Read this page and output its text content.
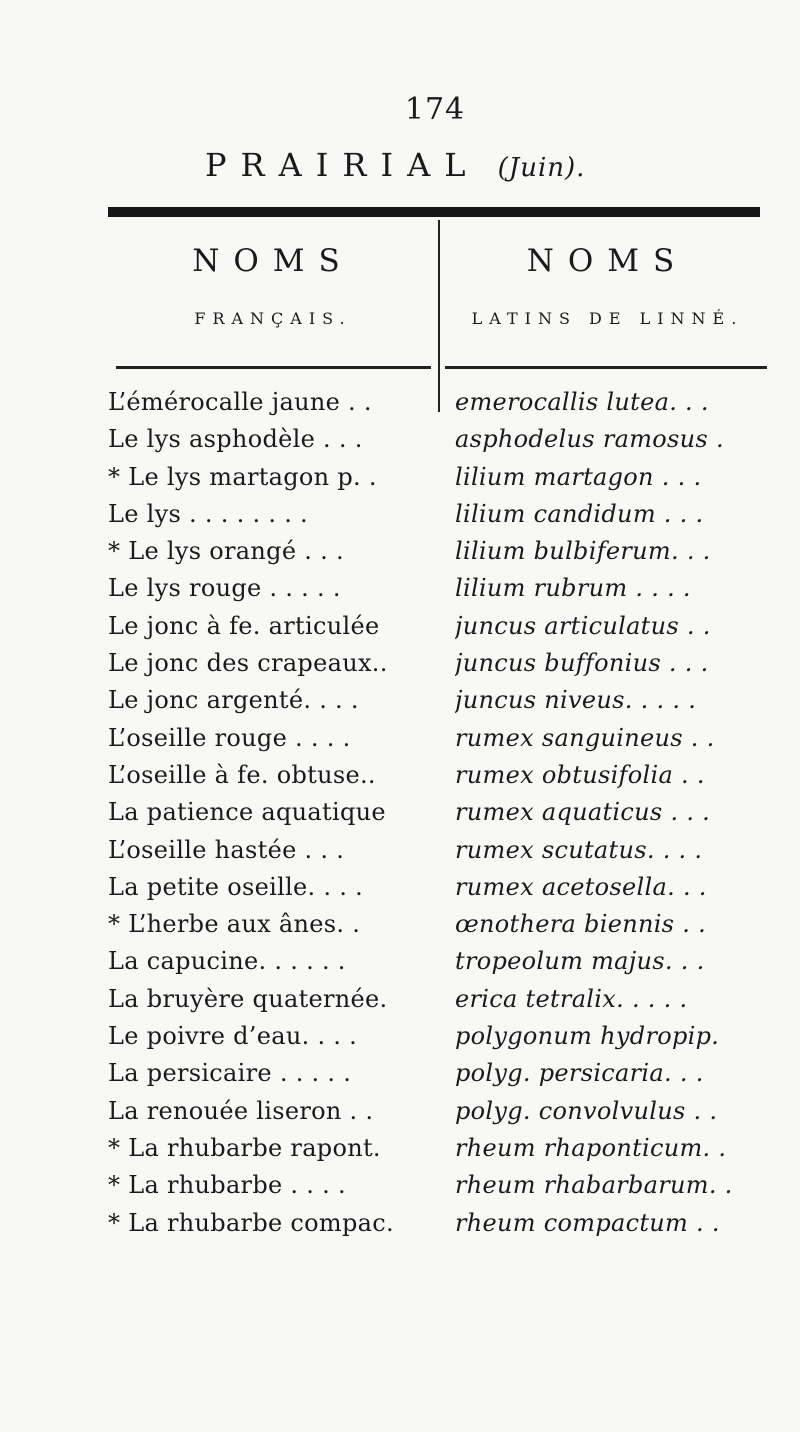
174
PRAIRIAL (Juin).
NOMS
FRANÇAIS.
NOMS
LATINS DE LINNÉ.
L’émérocalle jaune . .	emerocallis lutea. . .
Le lys asphodèle . . .	asphodelus ramosus .
* Le lys martagon p. .	lilium martagon . . .
Le lys . . . . . . . .	lilium candidum . . .
* Le lys orangé . . .	lilium bulbiferum. . .
Le lys rouge . . . . .	lilium rubrum . . . .
Le jonc à fe. articulée	juncus articulatus . .
Le jonc des crapeaux..	juncus buffonius . . .
Le jonc argenté. . . .	juncus niveus. . . . .
L’oseille rouge . . . .	rumex sanguineus . .
L’oseille à fe. obtuse..	rumex obtusifolia . .
La patience aquatique	rumex aquaticus . . .
L’oseille hastée . . .	rumex scutatus. . . .
La petite oseille. . . .	rumex acetosella. . .
* L’herbe aux ânes. .	œnothera biennis . .
La capucine. . . . . .	tropeolum majus. . .
La bruyère quaternée.	erica tetralix. . . . .
Le poivre d’eau. . . .	polygonum hydropip.
La persicaire . . . . .	polyg. persicaria. . .
La renouée liseron . .	polyg. convolvulus . .
* La rhubarbe rapont.	rheum rhaponticum. .
* La rhubarbe . . . .	rheum rhabarbarum. .
* La rhubarbe compac.	rheum compactum . .
